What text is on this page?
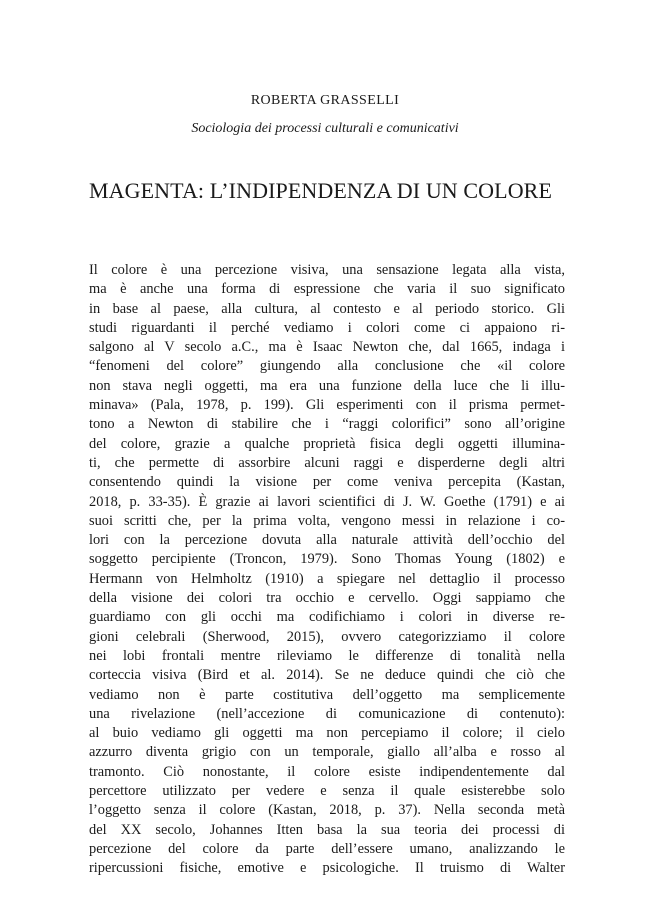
ROBERTA GRASSELLI
Sociologia dei processi culturali e comunicativi
MAGENTA: L’INDIPENDENZA DI UN COLORE
Il colore è una percezione visiva, una sensazione legata alla vista,
ma è anche una forma di espressione che varia il suo significato
in base al paese, alla cultura, al contesto e al periodo storico. Gli
studi riguardanti il perché vediamo i colori come ci appaiono ri-
salgono al V secolo a.C., ma è Isaac Newton che, dal 1665, indaga i
“fenomeni del colore” giungendo alla conclusione che «il colore
non stava negli oggetti, ma era una funzione della luce che li illu-
minava» (Pala, 1978, p. 199). Gli esperimenti con il prisma permet-
tono a Newton di stabilire che i “raggi colorifici” sono all’origine
del colore, grazie a qualche proprietà fisica degli oggetti illumina-
ti, che permette di assorbire alcuni raggi e disperderne degli altri
consentendo quindi la visione per come veniva percepita (Kastan,
2018, p. 33-35). È grazie ai lavori scientifici di J. W. Goethe (1791) e ai
suoi scritti che, per la prima volta, vengono messi in relazione i co-
lori con la percezione dovuta alla naturale attività dell’occhio del
soggetto percipiente (Troncon, 1979). Sono Thomas Young (1802) e
Hermann von Helmholtz (1910) a spiegare nel dettaglio il processo
della visione dei colori tra occhio e cervello. Oggi sappiamo che
guardiamo con gli occhi ma codifichiamo i colori in diverse re-
gioni celebrali (Sherwood, 2015), ovvero categorizziamo il colore
nei lobi frontali mentre rileviamo le differenze di tonalità nella
corteccia visiva (Bird et al. 2014). Se ne deduce quindi che ciò che
vediamo non è parte costitutiva dell’oggetto ma semplicemente
una rivelazione (nell’accezione di comunicazione di contenuto):
al buio vediamo gli oggetti ma non percepiamo il colore; il cielo
azzurro diventa grigio con un temporale, giallo all’alba e rosso al
tramonto. Ciò nonostante, il colore esiste indipendentemente dal
percettore utilizzato per vedere e senza il quale esisterebbe solo
l’oggetto senza il colore (Kastan, 2018, p. 37). Nella seconda metà
del XX secolo, Johannes Itten basa la sua teoria dei processi di
percezione del colore da parte dell’essere umano, analizzando le
ripercussioni fisiche, emotive e psicologiche. Il truismo di Walter
